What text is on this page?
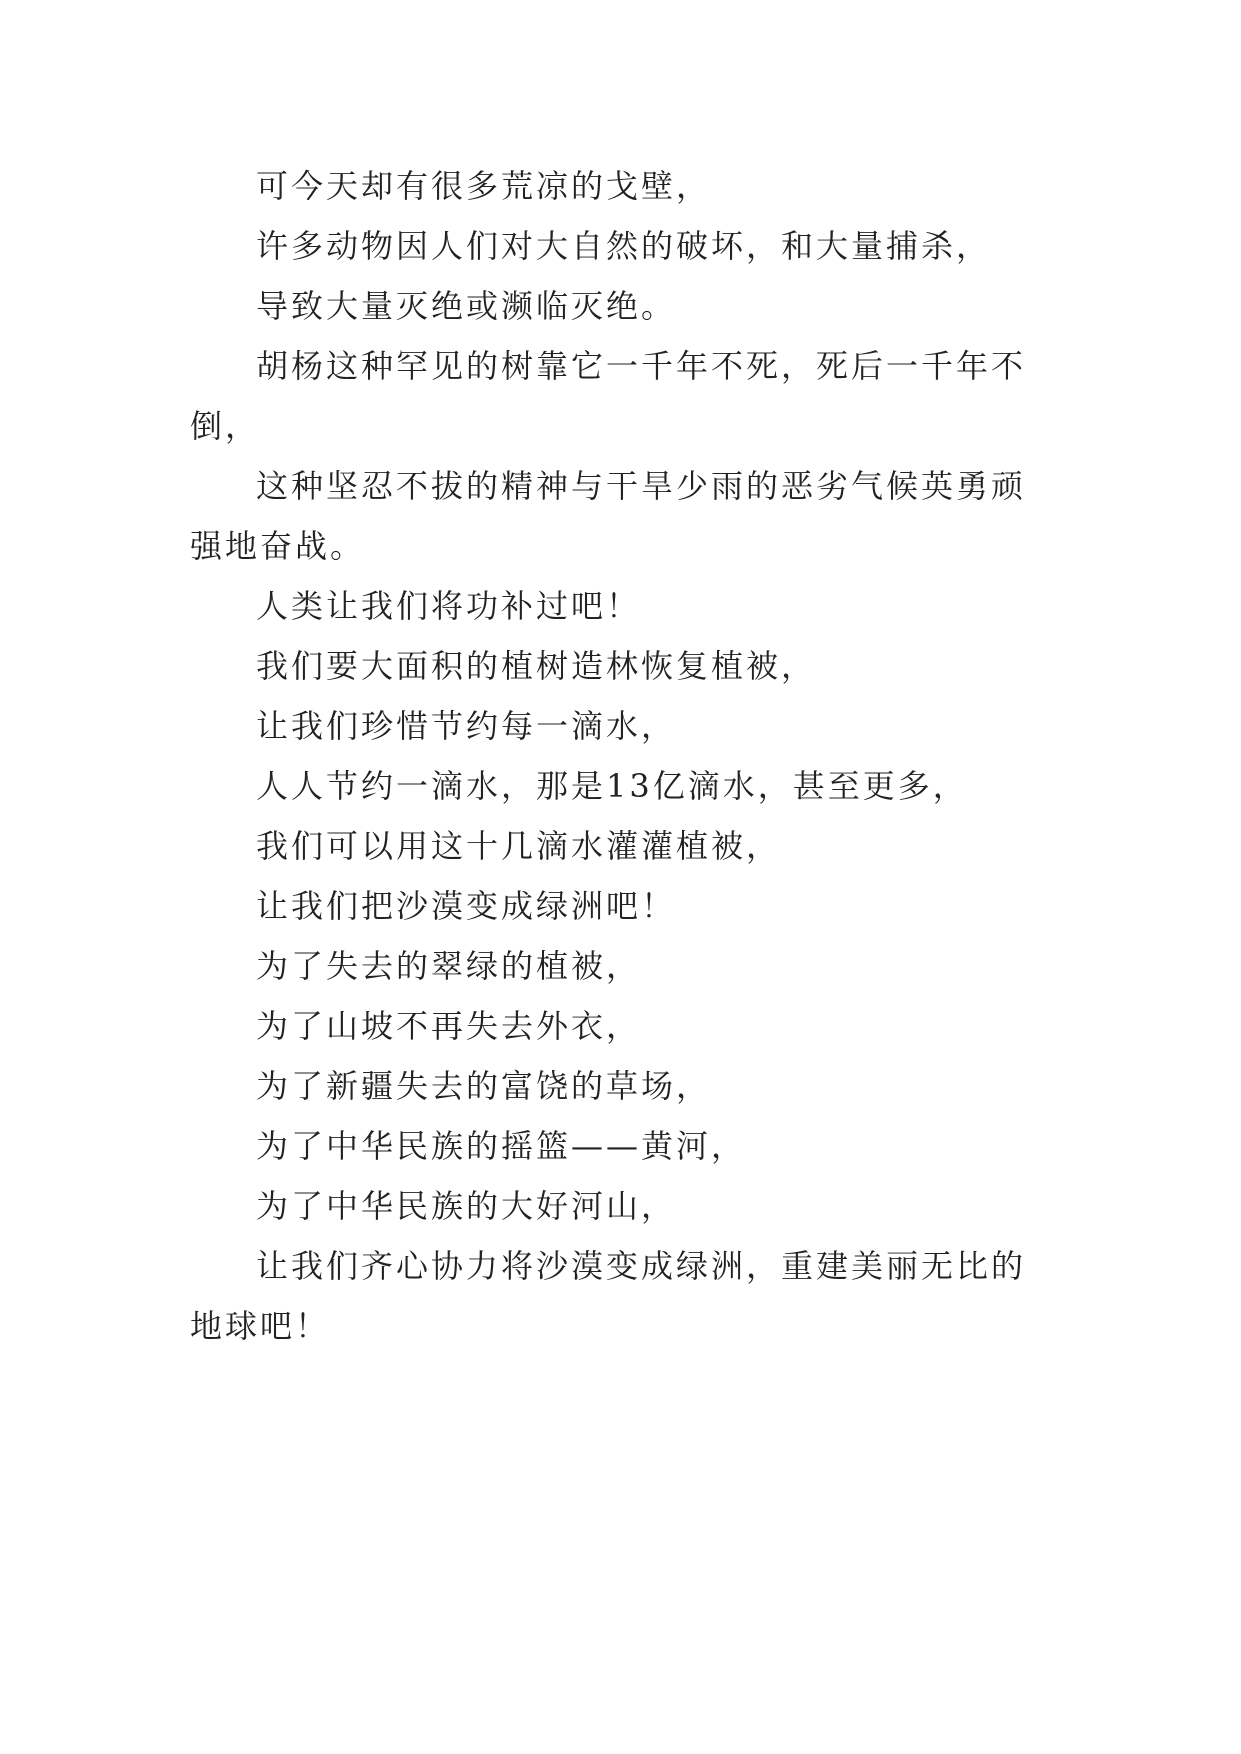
可今天却有很多荒凉的戈壁，

许多动物因人们对大自然的破坏，和大量捕杀，

导致大量灭绝或濒临灭绝。

胡杨这种罕见的树靠它一千年不死，死后一千年不倒，

这种坚忍不拔的精神与干旱少雨的恶劣气候英勇顽强地奋战。

人类让我们将功补过吧！

我们要大面积的植树造林恢复植被，

让我们珍惜节约每一滴水，

人人节约一滴水，那是13亿滴水，甚至更多，

我们可以用这十几滴水灌灌植被，

让我们把沙漠变成绿洲吧！

为了失去的翠绿的植被，

为了山坡不再失去外衣，

为了新疆失去的富饶的草场，

为了中华民族的摇篮——黄河，

为了中华民族的大好河山，

让我们齐心协力将沙漠变成绿洲，重建美丽无比的地球吧！
